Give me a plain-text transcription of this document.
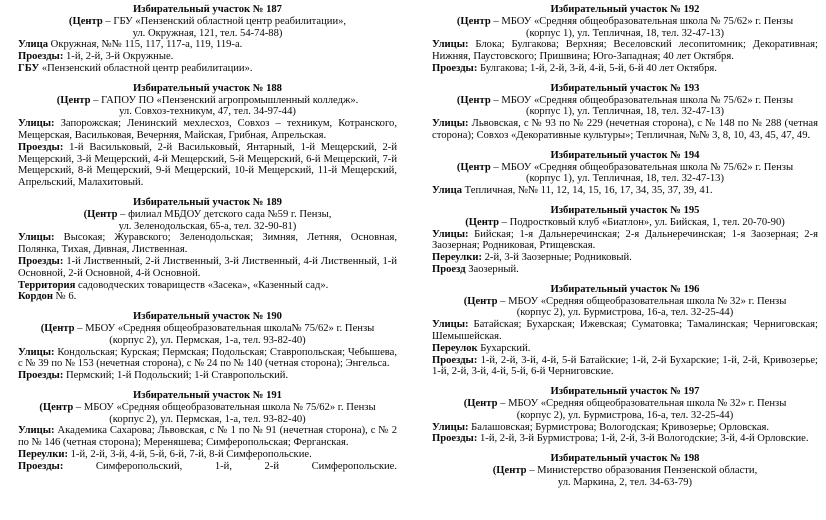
Избирательный участок № 187
(Центр – ГБУ «Пензенский областной центр реабилитации»,
ул. Окружная, 121, тел. 54-74-88)

Улица Окружная, №№ 115, 117, 117-а, 119, 119-а.

Проезды: 1-й, 2-й, 3-й Окружные.

ГБУ «Пензенский областной центр реабилитации».

Избирательный участок № 188
(Центр – ГАПОУ ПО «Пензенский агропромышленный колледж».
ул. Совхоз-техникум, 47, тел. 34-97-44)

Улицы: Запорожская; Ленинский мехлесхоз, Совхоз – техникум, Котранского, Мещерская, Васильковая, Вечерняя, Майская, Грибная, Апрельская.

Проезды: 1-й Васильковый, 2-й Васильковый, Янтарный, 1-й Мещерский, 2-й Мещерский, 3-й Мещерский, 4-й Мещерский, 5-й Мещерский, 6-й Мещерский, 7-й Мещерский, 8-й Мещерский, 9-й Мещерский, 10-й Мещерский, 11-й Мещерский, Апрельский, Малахитовый.

Избирательный участок № 189
(Центр – филиал МБДОУ детского сада №59 г. Пензы,
ул. Зеленодольская, 65-а, тел. 32-90-81)

Улицы: Высокая; Журавского; Зеленодольская; Зимняя, Летняя, Основная, Полянка, Тихая, Дивная, Лиственная.

Проезды: 1-й Лиственный, 2-й Лиственный, 3-й Лиственный, 4-й Лиственный, 1-й Основной, 2-й Основной, 4-й Основной.

Территория садоводческих товариществ «Засека», «Казенный сад».

Кордон № 6.

Избирательный участок № 190
(Центр – МБОУ «Средняя общеобразовательная школа№ 75/62» г. Пензы
(корпус 2), ул. Пермская, 1-а, тел. 93-82-40)

Улицы: Кондольская; Курская; Пермская; Подольская; Ставропольская; Чебышева, с № 39 по № 153 (нечетная сторона), с № 24 по № 140 (четная сторона); Энгельса.

Проезды: Пермский; 1-й Подольский; 1-й Ставропольский.

Избирательный участок № 191
(Центр – МБОУ «Средняя общеобразовательная школа № 75/62» г. Пензы
(корпус 2), ул. Пермская, 1-а, тел. 93-82-40)

Улицы: Академика Сахарова; Львовская, с № 1 по № 91 (нечетная сторона), с № 2 по № 146 (четная сторона); Мереняшева; Симферопольская; Ферганская.

Переулки: 1-й, 2-й, 3-й, 4-й, 5-й, 6-й, 7-й, 8-й Симферопольские.

Проезды: Симферопольский, 1-й, 2-й Симферопольские.

Избирательный участок № 192
(Центр – МБОУ «Средняя общеобразовательная школа № 75/62» г. Пензы
(корпус 1), ул. Тепличная, 18, тел. 32-47-13)

Улицы: Блока; Булгакова; Верхняя; Веселовский лесопитомник; Декоративная; Нижняя, Паустовского; Пришвина; Юго-Западная; 40 лет Октября.

Проезды: Булгакова; 1-й, 2-й, 3-й, 4-й, 5-й, 6-й 40 лет Октября.

Избирательный участок № 193
(Центр – МБОУ «Средняя общеобразовательная школа № 75/62» г. Пензы
(корпус 1), ул. Тепличная, 18, тел. 32-47-13)

Улицы: Львовская, с № 93 по № 229 (нечетная сторона), с № 148 по № 288 (четная сторона); Совхоз «Декоративные культуры»; Тепличная, №№ 3, 8, 10, 43, 45, 47, 49.

Избирательный участок № 194
(Центр – МБОУ «Средняя общеобразовательная школа № 75/62» г. Пензы
(корпус 1), ул. Тепличная, 18, тел. 32-47-13)

Улица Тепличная, №№ 11, 12, 14, 15, 16, 17, 34, 35, 37, 39, 41.

Избирательный участок № 195
(Центр – Подростковый клуб «Биатлон», ул. Бийская, 1, тел. 20-70-90)

Улицы: Бийская; 1-я Дальнеречинская; 2-я Дальнеречинская; 1-я Заозерная; 2-я Заозерная; Родниковая, Ртищевская.

Переулки: 2-й, 3-й Заозерные; Родниковый.

Проезд Заозерный.

Избирательный участок № 196
(Центр – МБОУ «Средняя общеобразовательная школа № 32» г. Пензы
(корпус 2), ул. Бурмистрова, 16-а, тел. 32-25-44)

Улицы: Батайская; Бухарская; Ижевская; Суматовка; Тамалинская; Черниговская; Шемышейская.

Переулок Бухарский.

Проезды: 1-й, 2-й, 3-й, 4-й, 5-й Батайские; 1-й, 2-й Бухарские; 1-й, 2-й, Кривозерье; 1-й, 2-й, 3-й, 4-й, 5-й, 6-й Черниговские.

Избирательный участок № 197
(Центр – МБОУ «Средняя общеобразовательная школа № 32» г. Пензы
(корпус 2), ул. Бурмистрова, 16-а, тел. 32-25-44)

Улицы: Балашовская; Бурмистрова; Вологодская; Кривозерье; Орловская.

Проезды: 1-й, 2-й, 3-й Бурмистрова; 1-й, 2-й, 3-й Вологодские; 3-й, 4-й Орловские.

Избирательный участок № 198
(Центр – Министерство образования Пензенской области,
ул. Маркина, 2, тел. 34-63-79)
